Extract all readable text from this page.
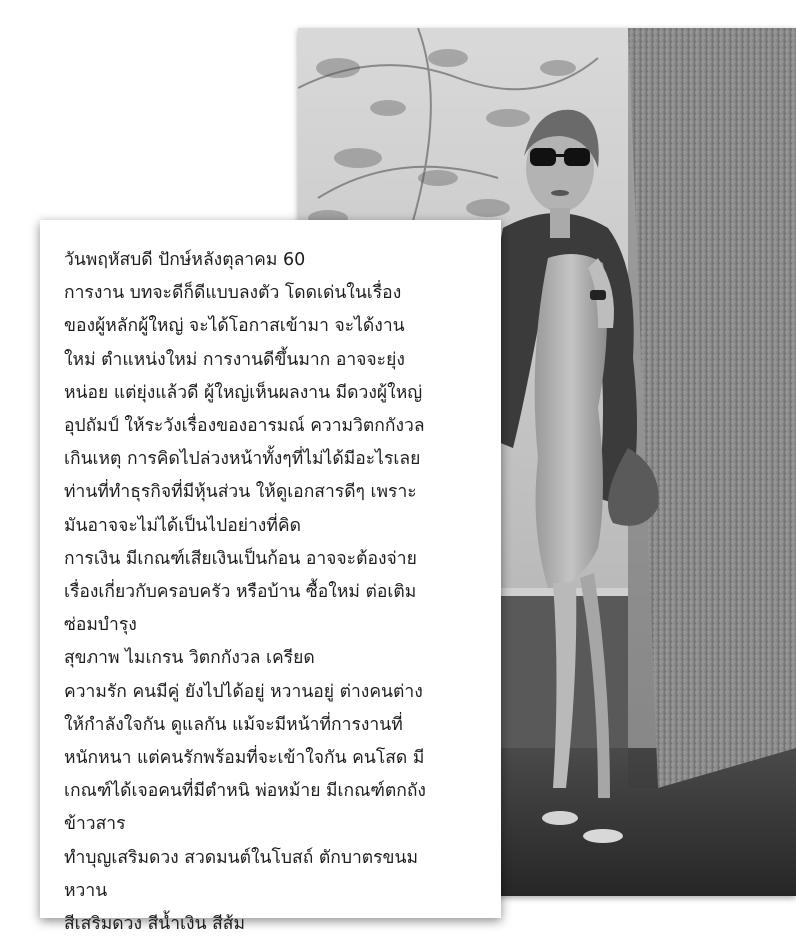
วันพฤหัสบดี ปักษ์หลังตุลาคม 60
การงาน บทจะดีก็ดีแบบลงตัว โดดเด่นในเรื่อง
ของผู้หลักผู้ใหญ่ จะได้โอกาสเข้ามา จะได้งาน
ใหม่ ตำแหน่งใหม่ การงานดีขึ้นมาก อาจจะยุ่ง
หน่อย แต่ยุ่งแล้วดี ผู้ใหญ่เห็นผลงาน มีดวงผู้ใหญ่
อุปถัมป์ ให้ระวังเรื่องของอารมณ์ ความวิตกกังวล
เกินเหตุ การคิดไปล่วงหน้าทั้งๆที่ไม่ได้มีอะไรเลย
ท่านที่ทำธุรกิจที่มีหุ้นส่วน ให้ดูเอกสารดีๆ เพราะ
มันอาจจะไม่ได้เป็นไปอย่างที่คิด
การเงิน มีเกณฑ์เสียเงินเป็นก้อน อาจจะต้องจ่าย
เรื่องเกี่ยวกับครอบครัว หรือบ้าน ซื้อใหม่ ต่อเติม
ซ่อมบำรุง
สุขภาพ ไมเกรน วิตกกังวล เครียด
ความรัก คนมีคู่ ยังไปได้อยู่ หวานอยู่ ต่างคนต่าง
ให้กำลังใจกัน ดูแลกัน แม้จะมีหน้าที่การงานที่
หนักหนา แต่คนรักพร้อมที่จะเข้าใจกัน คนโสด มี
เกณฑ์ได้เจอคนที่มีตำหนิ พ่อหม้าย มีเกณฑ์ตกถัง
ข้าวสาร
ทำบุญเสริมดวง สวดมนต์ในโบสถ์ ตักบาตรขนม
หวาน
สีเสริมดวง สีน้ำเงิน สีส้ม
